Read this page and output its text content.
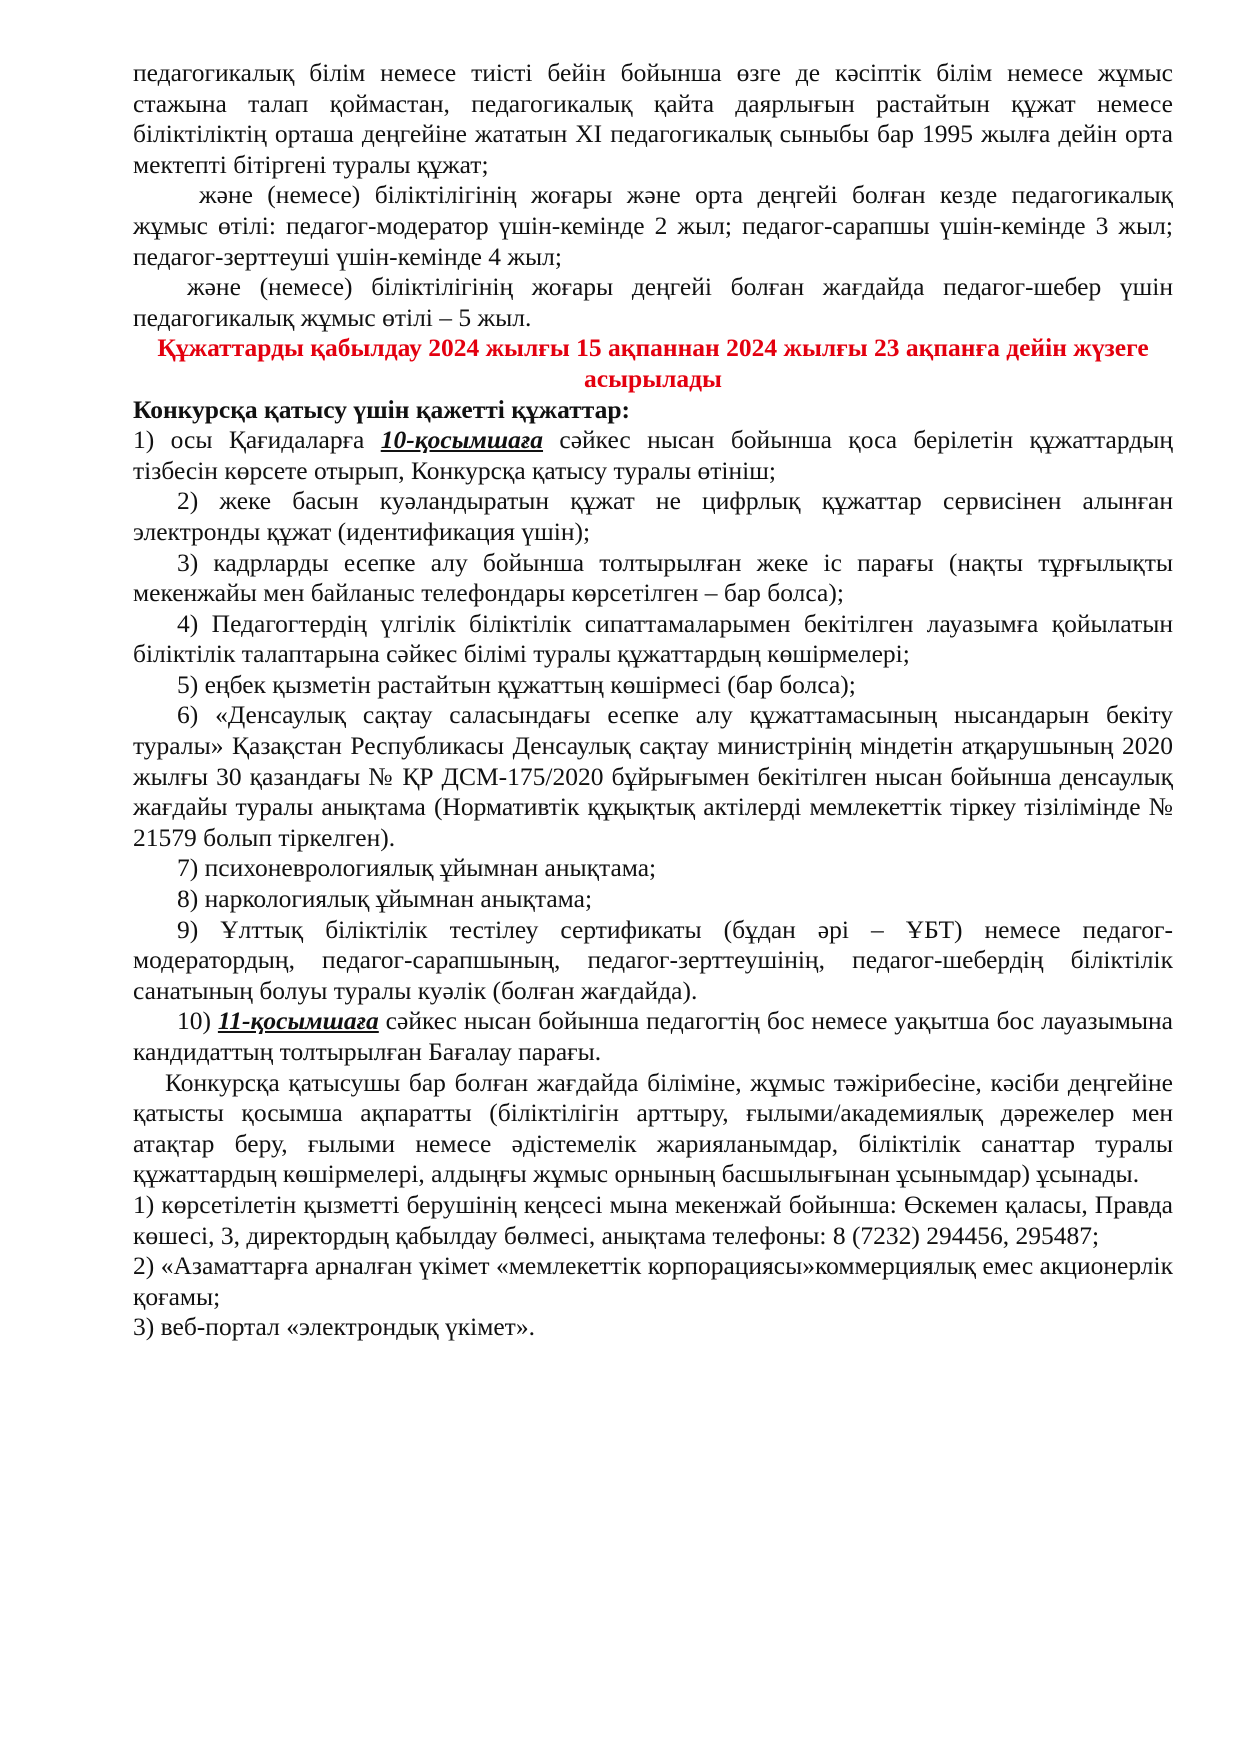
педагогикалық білім немесе тиісті бейін бойынша өзге де кәсіптік білім немесе жұмыс стажына талап қоймастан, педагогикалық қайта даярлығын растайтын құжат немесе біліктіліктің орташа деңгейіне жататын XI педагогикалық сыныбы бар 1995 жылға дейін орта мектепті бітіргені туралы құжат;

және (немесе) біліктілігінің жоғары және орта деңгейі болған кезде педагогикалық жұмыс өтілі: педагог-модератор үшін-кемінде 2 жыл; педагог-сарапшы үшін-кемінде 3 жыл; педагог-зерттеуші үшін-кемінде 4 жыл;

және (немесе) біліктілігінің жоғары деңгейі болған жағдайда педагог-шебер үшін педагогикалық жұмыс өтілі – 5 жыл.

Құжаттарды қабылдау 2024 жылғы 15 ақпаннан 2024 жылғы 23 ақпанға дейін жүзеге асырылады

Конкурсқа қатысу үшін қажетті құжаттар:

1) осы Қағидаларға 10-қосымшаға сәйкес нысан бойынша қоса берілетін құжаттардың тізбесін көрсете отырып, Конкурсқа қатысу туралы өтініш;

2) жеке басын куәландыратын құжат не цифрлық құжаттар сервисінен алынған электронды құжат (идентификация үшін);

3) кадрларды есепке алу бойынша толтырылған жеке іс парағы (нақты тұрғылықты мекенжайы мен байланыс телефондары көрсетілген – бар болса);

4) Педагогтердің үлгілік біліктілік сипаттамаларымен бекітілген лауазымға қойылатын біліктілік талаптарына сәйкес білімі туралы құжаттардың көшірмелері;

5) еңбек қызметін растайтын құжаттың көшірмесі (бар болса);

6) «Денсаулық сақтау саласындағы есепке алу құжаттамасының нысандарын бекіту туралы» Қазақстан Республикасы Денсаулық сақтау министрінің міндетін атқарушының 2020 жылғы 30 қазандағы № ҚР ДСМ-175/2020 бұйрығымен бекітілген нысан бойынша денсаулық жағдайы туралы анықтама (Нормативтік құқықтық актілерді мемлекеттік тіркеу тізілімінде № 21579 болып тіркелген).

7) психоневрологиялық ұйымнан анықтама;

8) наркологиялық ұйымнан анықтама;

9) Ұлттық біліктілік тестілеу сертификаты (бұдан әрі – ҰБТ) немесе педагог-модератордың, педагог-сарапшының, педагог-зерттеушінің, педагог-шебердің біліктілік санатының болуы туралы куәлік (болған жағдайда).

10) 11-қосымшаға сәйкес нысан бойынша педагогтің бос немесе уақытша бос лауазымына кандидаттың толтырылған Бағалау парағы.

Конкурсқа қатысушы бар болған жағдайда біліміне, жұмыс тәжірибесіне, кәсіби деңгейіне қатысты қосымша ақпаратты (біліктілігін арттыру, ғылыми/академиялық дәрежелер мен атақтар беру, ғылыми немесе әдістемелік жарияланымдар, біліктілік санаттар туралы құжаттардың көшірмелері, алдыңғы жұмыс орнының басшылығынан ұсынымдар) ұсынады.

1) көрсетілетін қызметті берушінің кеңсесі мына мекенжай бойынша: Өскемен қаласы, Правда көшесі, 3, директордың қабылдау бөлмесі, анықтама телефоны: 8 (7232) 294456, 295487;

2) «Азаматтарға арналған үкімет «мемлекеттік корпорациясы»коммерциялық емес акционерлік қоғамы;

3) веб-портал «электрондық үкімет».
